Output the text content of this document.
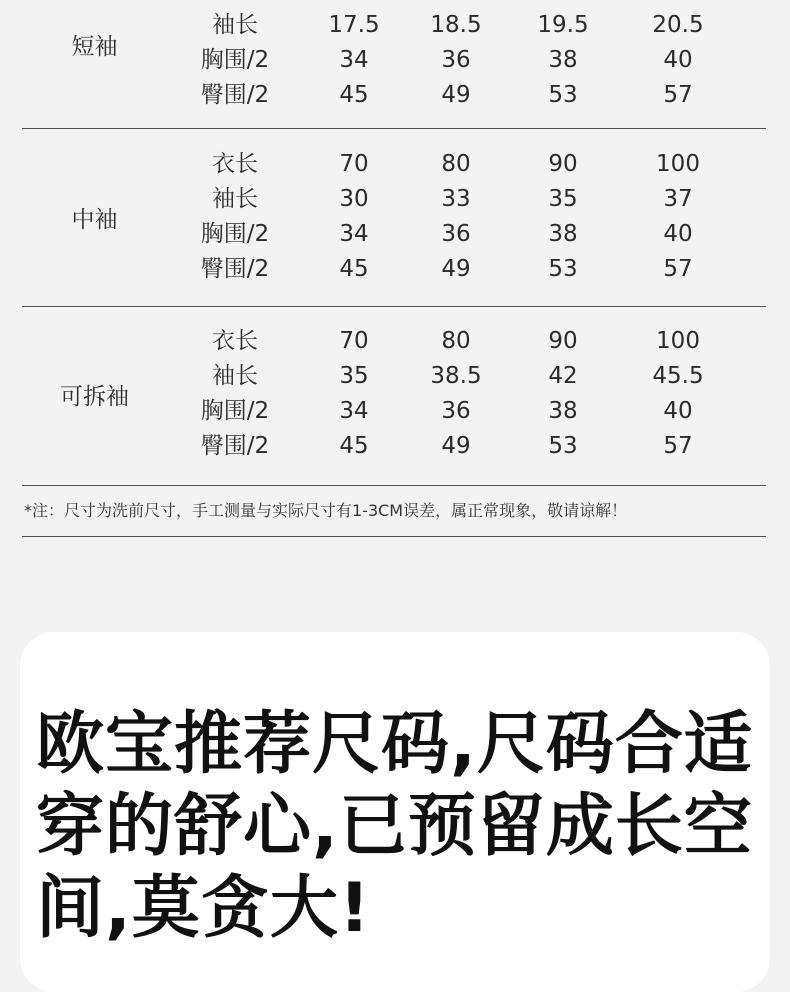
短袖
袖长	17.5	18.5	19.5	20.5
胸围/2	34	36	38	40
臀围/2	45	49	53	57
中袖
衣长	70	80	90	100
袖长	30	33	35	37
胸围/2	34	36	38	40
臀围/2	45	49	53	57
可拆袖
衣长	70	80	90	100
袖长	35	38.5	42	45.5
胸围/2	34	36	38	40
臀围/2	45	49	53	57
*注：尺寸为洗前尺寸，手工测量与实际尺寸有1-3CM误差，属正常现象，敬请谅解！
欧宝推荐尺码,尺码合适穿的舒心,已预留成长空间,莫贪大!
